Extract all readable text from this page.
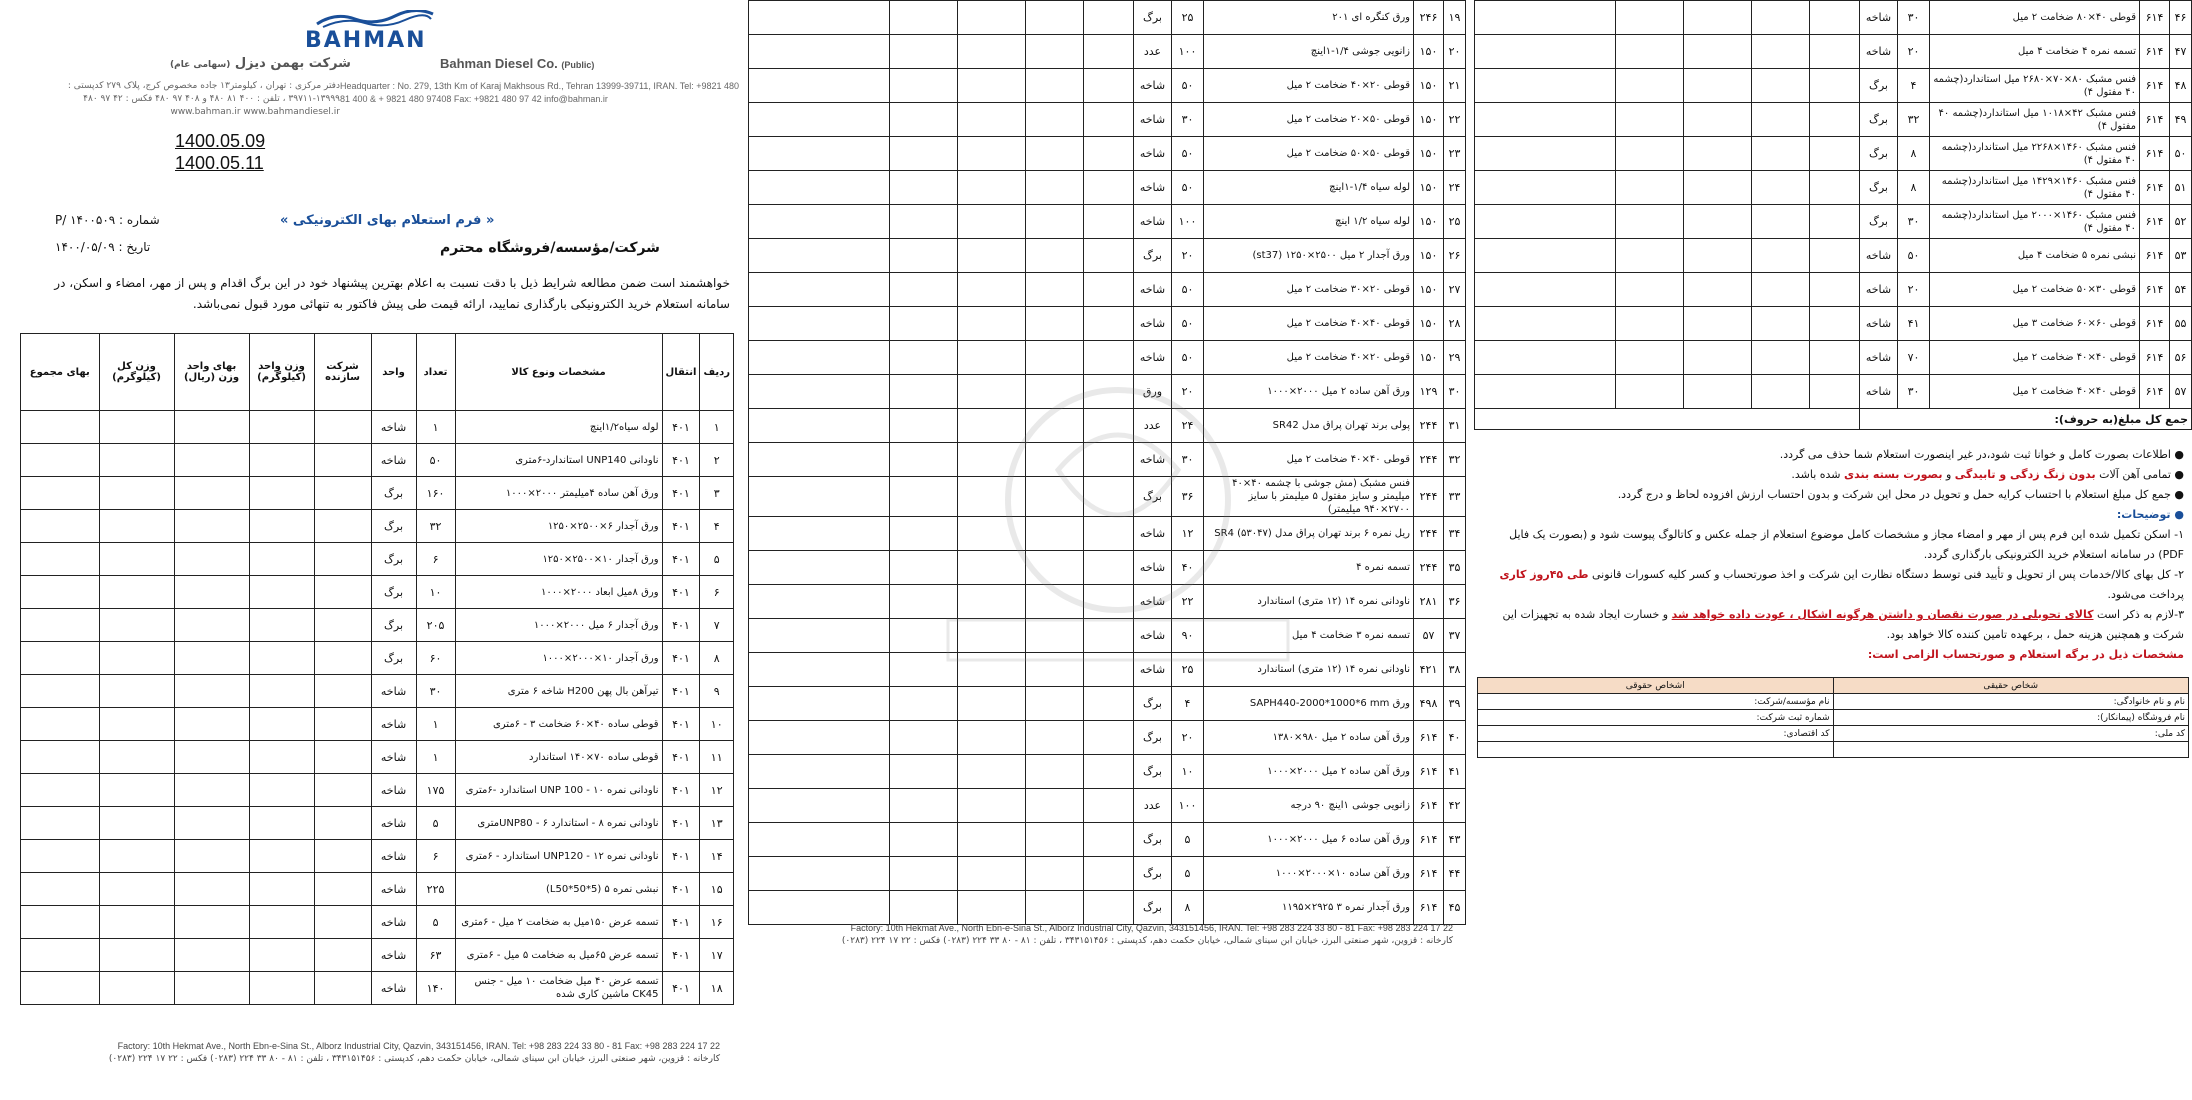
BAHMAN
Bahman Diesel Co. (Public)
شرکت بهمن دیزل (سهامی عام)
Headquarter : No. 279, 13th Km of Karaj Makhsous Rd., Tehran 13999-39711, IRAN. Tel: +9821 480 81 400 & + 9821 480 97408 Fax: +9821 480 97 42 info@bahman.ir
دفتر مرکزی : تهران ، کیلومتر۱۳ جاده مخصوص کرج، پلاک ۲۷۹ کدپستی : ۱۳۹۹۹-۳۹۷۱۱ ، تلفن : ۴۰۰ ۸۱ ۴۸۰ و ۴۰۸ ۹۷ ۴۸۰ فکس : ۴۲ ۹۷ ۴۸۰ www.bahman.ir www.bahmandiesel.ir
1400.05.09
1400.05.11
« فرم استعلام بهای الکترونیکی »
شماره : P/ ۱۴۰۰۵۰۹
تاریخ : ۱۴۰۰/۰۵/۰۹	شرکت/مؤسسه/فروشگاه محترم
خواهشمند است ضمن مطالعه شرایط ذیل با دقت نسبت به اعلام بهترین پیشنهاد خود در این برگ اقدام و پس از مهر، امضاء و اسکن، در سامانه استعلام خرید الکترونیکی بارگذاری نمایید، ارائه قیمت طی پیش فاکتور به تنهائی مورد قبول نمی‌باشد.
ردیف	انتقال	مشخصات ونوع کالا	تعداد	واحد	شرکت سازنده	وزن واحد (کیلوگرم)	بهای واحد وزن (ریال)	وزن کل (کیلوگرم)	بهای مجموع
۱	۴۰۱	لوله سیاه۱/۲اینچ	۱	شاخه					
۲	۴۰۱	ناودانی UNP140 استاندارد-۶متری	۵۰	شاخه					
۳	۴۰۱	ورق آهن ساده ۴میلیمتر ۲۰۰۰×۱۰۰۰	۱۶۰	برگ					
۴	۴۰۱	ورق آجدار ۶×۲۵۰۰×۱۲۵۰	۳۲	برگ					
۵	۴۰۱	ورق آجدار ۱۰×۲۵۰۰×۱۲۵۰	۶	برگ					
۶	۴۰۱	ورق ۸میل ابعاد ۲۰۰۰×۱۰۰۰	۱۰	برگ					
۷	۴۰۱	ورق آجدار ۶ میل ۲۰۰۰×۱۰۰۰	۲۰۵	برگ					
۸	۴۰۱	ورق آجدار ۱۰×۲۰۰۰×۱۰۰۰	۶۰	برگ					
۹	۴۰۱	تیرآهن بال پهن H200 شاخه ۶ متری	۳۰	شاخه					
۱۰	۴۰۱	قوطی ساده ۴۰×۶۰ ضخامت ۳ - ۶متری	۱	شاخه					
۱۱	۴۰۱	قوطی ساده ۷۰×۱۴۰ استاندارد	۱	شاخه					
۱۲	۴۰۱	ناودانی نمره ۱۰ - UNP 100 استاندارد -۶متری	۱۷۵	شاخه					
۱۳	۴۰۱	ناودانی نمره ۸ - استاندارد UNP80 - ۶متری	۵	شاخه					
۱۴	۴۰۱	ناودانی نمره ۱۲ - UNP120 استاندارد - ۶متری	۶	شاخه					
۱۵	۴۰۱	نبشی نمره ۵ (L50*50*5)	۲۲۵	شاخه					
۱۶	۴۰۱	تسمه عرض ۱۵۰میل به ضخامت ۲ میل - ۶متری	۵	شاخه					
۱۷	۴۰۱	تسمه عرض ۶۵میل به ضخامت ۵ میل - ۶متری	۶۳	شاخه					
۱۸	۴۰۱	تسمه عرض ۴۰ میل ضخامت ۱۰ میل - جنس CK45 ماشین کاری شده	۱۴۰	شاخه					
Factory: 10th Hekmat Ave., North Ebn-e-Sina St., Alborz Industrial City, Qazvin, 343151456, IRAN. Tel: +98 283 224 33 80 - 81 Fax: +98 283 224 17 22
کارخانه : قزوین، شهر صنعتی البرز، خیابان ابن سینای شمالی، خیابان حکمت دهم، کدپستی : ۳۴۳۱۵۱۴۵۶ ، تلفن : ۸۱ - ۸۰ ۳۳ ۲۲۴ (۰۲۸۳) فکس : ۲۲ ۱۷ ۲۲۴ (۰۲۸۳)
۱۹	۲۴۶	ورق کنگره ای ۲۰۱	۲۵	برگ					
۲۰	۱۵۰	زانویی جوشی ۱/۴-۱اینچ	۱۰۰	عدد					
۲۱	۱۵۰	قوطی ۲۰×۴۰ ضخامت ۲ میل	۵۰	شاخه					
۲۲	۱۵۰	قوطی ۵۰×۲۰ ضخامت ۲ میل	۳۰	شاخه					
۲۳	۱۵۰	قوطی ۵۰×۵۰ ضخامت ۲ میل	۵۰	شاخه					
۲۴	۱۵۰	لوله سیاه ۱/۴-۱اینچ	۵۰	شاخه					
۲۵	۱۵۰	لوله سیاه ۱/۲ اینچ	۱۰۰	شاخه					
۲۶	۱۵۰	ورق آجدار ۲ میل ۲۵۰۰×۱۲۵۰ (st37)	۲۰	برگ					
۲۷	۱۵۰	قوطی ۲۰×۳۰ ضخامت ۲ میل	۵۰	شاخه					
۲۸	۱۵۰	قوطی ۴۰×۴۰ ضخامت ۲ میل	۵۰	شاخه					
۲۹	۱۵۰	قوطی ۲۰×۴۰ ضخامت ۲ میل	۵۰	شاخه					
۳۰	۱۲۹	ورق آهن ساده ۲ میل ۲۰۰۰×۱۰۰۰	۲۰	ورق					
۳۱	۲۴۴	پولی برند تهران پراق مدل SR42	۲۴	عدد					
۳۲	۲۴۴	قوطی ۴۰×۴۰ ضخامت ۲ میل	۳۰	شاخه					
۳۳	۲۴۴	فنس مشبک (مش جوشی با چشمه ۴۰×۴۰ میلیمتر و سایز مفتول ۵ میلیمتر با سایز ۲۷۰۰×۹۴۰ میلیمتر)	۳۶	برگ					
۳۴	۲۴۴	ریل نمره ۶ برند تهران پراق مدل SR4 (۵۳۰۴۷)	۱۲	شاخه					
۳۵	۲۴۴	تسمه نمره ۴	۴۰	شاخه					
۳۶	۲۸۱	ناودانی نمره ۱۴ (۱۲ متری) استاندارد	۲۲	شاخه					
۳۷	۵۷	تسمه نمره ۳ ضخامت ۴ میل	۹۰	شاخه					
۳۸	۴۲۱	ناودانی نمره ۱۴ (۱۲ متری) استاندارد	۲۵	شاخه					
۳۹	۴۹۸	ورق SAPH440-2000*1000*6 mm	۴	برگ					
۴۰	۶۱۴	ورق آهن ساده ۲ میل ۹۸۰×۱۳۸۰	۲۰	برگ					
۴۱	۶۱۴	ورق آهن ساده ۲ میل ۲۰۰۰×۱۰۰۰	۱۰	برگ					
۴۲	۶۱۴	زانویی جوشی ۱اینچ ۹۰ درجه	۱۰۰	عدد					
۴۳	۶۱۴	ورق آهن ساده ۶ میل ۲۰۰۰×۱۰۰۰	۵	برگ					
۴۴	۶۱۴	ورق آهن ساده ۱۰×۲۰۰۰×۱۰۰۰	۵	برگ					
۴۵	۶۱۴	ورق آجدار نمره ۳ ۲۹۲۵×۱۱۹۵	۸	برگ					
Factory: 10th Hekmat Ave., North Ebn-e-Sina St., Alborz Industrial City, Qazvin, 343151456, IRAN. Tel: +98 283 224 33 80 - 81 Fax: +98 283 224 17 22
کارخانه : قزوین، شهر صنعتی البرز، خیابان ابن سینای شمالی، خیابان حکمت دهم، کدپستی : ۳۴۳۱۵۱۴۵۶ ، تلفن : ۸۱ - ۸۰ ۳۳ ۲۲۴ (۰۲۸۳) فکس : ۲۲ ۱۷ ۲۲۴ (۰۲۸۳)
۴۶	۶۱۴	قوطی ۴۰×۸۰ ضخامت ۲ میل	۳۰	شاخه					
۴۷	۶۱۴	تسمه نمره ۴ ضخامت ۴ میل	۲۰	شاخه					
۴۸	۶۱۴	فنس مشبک ۸۰×۷۰×۲۶۸۰ میل استاندارد(چشمه ۴۰ مفتول ۴)	۴	برگ					
۴۹	۶۱۴	فنس مشبک ۴۲×۱۰۱۸ میل استاندارد(چشمه ۴۰ مفتول ۴)	۳۲	برگ					
۵۰	۶۱۴	فنس مشبک ۱۴۶۰×۲۲۶۸ میل استاندارد(چشمه ۴۰ مفتول ۴)	۸	برگ					
۵۱	۶۱۴	فنس مشبک ۱۴۶۰×۱۴۲۹ میل استاندارد(چشمه ۴۰ مفتول ۴)	۸	برگ					
۵۲	۶۱۴	فنس مشبک ۱۴۶۰×۲۰۰۰ میل استاندارد(چشمه ۴۰ مفتول ۴)	۳۰	برگ					
۵۳	۶۱۴	نبشی نمره ۵ ضخامت ۴ میل	۵۰	شاخه					
۵۴	۶۱۴	قوطی ۳۰×۵۰ ضخامت ۲ میل	۲۰	شاخه					
۵۵	۶۱۴	قوطی ۶۰×۶۰ ضخامت ۳ میل	۴۱	شاخه					
۵۶	۶۱۴	قوطی ۴۰×۴۰ ضخامت ۲ میل	۷۰	شاخه					
۵۷	۶۱۴	قوطی ۴۰×۴۰ ضخامت ۲ میل	۳۰	شاخه					
جمع کل مبلغ(به حروف):									
● اطلاعات بصورت کامل و خوانا ثبت شود،در غیر اینصورت استعلام شما حذف می گردد.
● تمامی آهن آلات بدون زنگ زدگی و تابیدگی و بصورت بسته بندی شده باشد.
● جمع کل مبلغ استعلام با احتساب کرایه حمل و تحویل در محل این شرکت و بدون احتساب ارزش افزوده لحاظ و درج گردد.
● توضیحات:
۱- اسکن تکمیل شده این فرم پس از مهر و امضاء مجاز و مشخصات کامل موضوع استعلام از جمله عکس و کاتالوگ پیوست شود و (بصورت یک فایل PDF) در سامانه استعلام خرید الکترونیکی بارگذاری گردد.
۲- کل بهای کالا/خدمات پس از تحویل و تأیید فنی توسط دستگاه نظارت این شرکت و اخذ صورتحساب و کسر کلیه کسورات قانونی طی ۴۵روز کاری پرداخت می‌شود.
۳-لازم به ذکر است کالای تحویلی در صورت نقصان و داشتن هرگونه اشکال ، عودت داده خواهد شد و خسارت ایجاد شده به تجهیزات این شرکت و همچنین هزینه حمل ، برعهده تامین کننده کالا خواهد بود.
مشخصات ذیل در برگه استعلام و صورتحساب الزامی است:
شخاص حقیقی	اشخاص حقوقی
نام و نام خانوادگی:	نام مؤسسه/شرکت:
نام فروشگاه (پیمانکار):	شماره ثبت شرکت:
کد ملی:	کد اقتصادی:
